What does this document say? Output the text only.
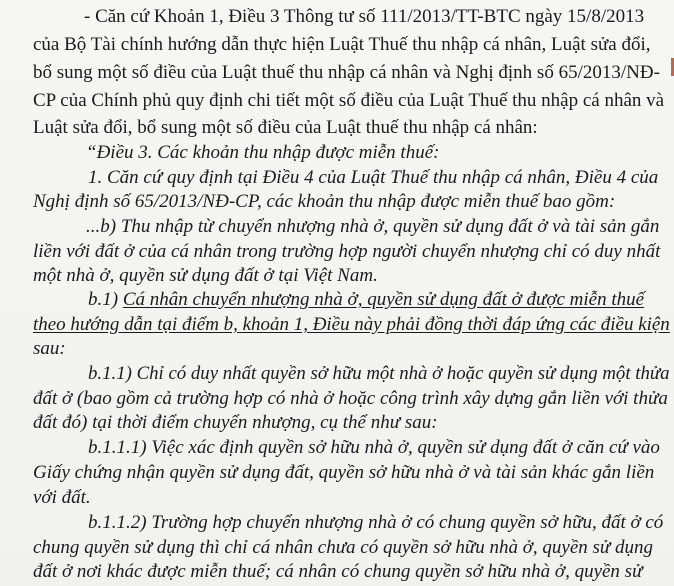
- Căn cứ Khoản 1, Điều 3 Thông tư số 111/2013/TT-BTC ngày 15/8/2013
của Bộ Tài chính hướng dẫn thực hiện Luật Thuế thu nhập cá nhân, Luật sửa đổi,
bổ sung một số điều của Luật thuế thu nhập cá nhân và Nghị định số 65/2013/NĐ-
CP của Chính phủ quy định chi tiết một số điều của Luật Thuế thu nhập cá nhân và
Luật sửa đổi, bổ sung một số điều của Luật thuế thu nhập cá nhân:
“Điều 3. Các khoản thu nhập được miễn thuế:
1. Căn cứ quy định tại Điều 4 của Luật Thuế thu nhập cá nhân, Điều 4 của
Nghị định số 65/2013/NĐ-CP, các khoản thu nhập được miễn thuế bao gồm:
...b) Thu nhập từ chuyển nhượng nhà ở, quyền sử dụng đất ở và tài sản gắn
liền với đất ở của cá nhân trong trường hợp người chuyển nhượng chỉ có duy nhất
một nhà ở, quyền sử dụng đất ở tại Việt Nam.
b.1) Cá nhân chuyển nhượng nhà ở, quyền sử dụng đất ở được miễn thuế
theo hướng dẫn tại điểm b, khoản 1, Điều này phải đồng thời đáp ứng các điều kiện
sau:
b.1.1) Chỉ có duy nhất quyền sở hữu một nhà ở hoặc quyền sử dụng một thửa
đất ở (bao gồm cả trường hợp có nhà ở hoặc công trình xây dựng gắn liền với thửa
đất đó) tại thời điểm chuyển nhượng, cụ thể như sau:
b.1.1.1) Việc xác định quyền sở hữu nhà ở, quyền sử dụng đất ở căn cứ vào
Giấy chứng nhận quyền sử dụng đất, quyền sở hữu nhà ở và tài sản khác gắn liền
với đất.
b.1.1.2) Trường hợp chuyển nhượng nhà ở có chung quyền sở hữu, đất ở có
chung quyền sử dụng thì chỉ cá nhân chưa có quyền sở hữu nhà ở, quyền sử dụng
đất ở nơi khác được miễn thuế; cá nhân có chung quyền sở hữu nhà ở, quyền sử
